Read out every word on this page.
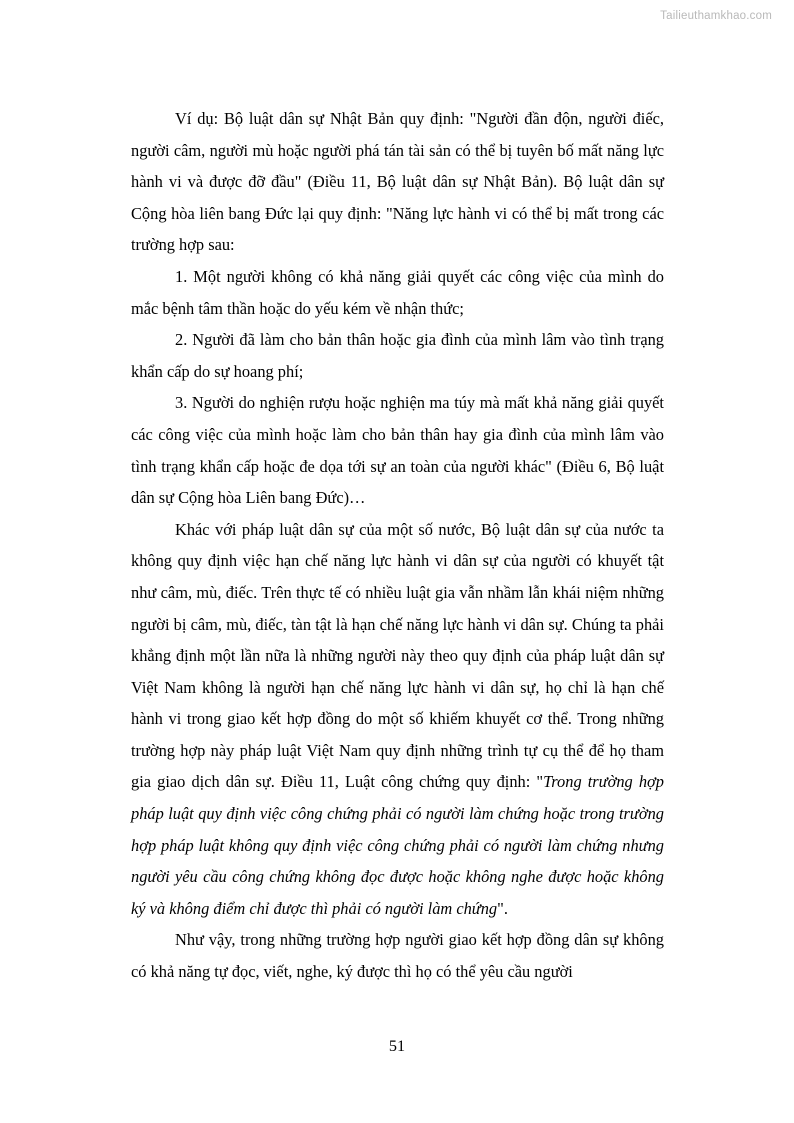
Tailieuthamkhao.com

Ví dụ: Bộ luật dân sự Nhật Bản quy định: "Người đần độn, người điếc, người câm, người mù hoặc người phá tán tài sản có thể bị tuyên bố mất năng lực hành vi và được đỡ đầu" (Điều 11, Bộ luật dân sự Nhật Bản). Bộ luật dân sự Cộng hòa liên bang Đức lại quy định: "Năng lực hành vi có thể bị mất trong các trường hợp sau:

1. Một người không có khả năng giải quyết các công việc của mình do mắc bệnh tâm thần hoặc do yếu kém về nhận thức;

2. Người đã làm cho bản thân hoặc gia đình của mình lâm vào tình trạng khẩn cấp do sự hoang phí;

3. Người do nghiện rượu hoặc nghiện ma túy mà mất khả năng giải quyết các công việc của mình hoặc làm cho bản thân hay gia đình của mình lâm vào tình trạng khẩn cấp hoặc đe dọa tới sự an toàn của người khác" (Điều 6, Bộ luật dân sự Cộng hòa Liên bang Đức)…

Khác với pháp luật dân sự của một số nước, Bộ luật dân sự của nước ta không quy định việc hạn chế năng lực hành vi dân sự của người có khuyết tật như câm, mù, điếc. Trên thực tế có nhiều luật gia vẫn nhầm lẫn khái niệm những người bị câm, mù, điếc, tàn tật là hạn chế năng lực hành vi dân sự. Chúng ta phải khẳng định một lần nữa là những người này theo quy định của pháp luật dân sự Việt Nam không là người hạn chế năng lực hành vi dân sự, họ chỉ là hạn chế hành vi trong giao kết hợp đồng do một số khiếm khuyết cơ thể. Trong những trường hợp này pháp luật Việt Nam quy định những trình tự cụ thể để họ tham gia giao dịch dân sự. Điều 11, Luật công chứng quy định: "Trong trường hợp pháp luật quy định việc công chứng phải có người làm chứng hoặc trong trường hợp pháp luật không quy định việc công chứng phải có người làm chứng nhưng người yêu cầu công chứng không đọc được hoặc không nghe được hoặc không ký và không điểm chỉ được thì phải có người làm chứng".

Như vậy, trong những trường hợp người giao kết hợp đồng dân sự không có khả năng tự đọc, viết, nghe, ký được thì họ có thể yêu cầu người

51
